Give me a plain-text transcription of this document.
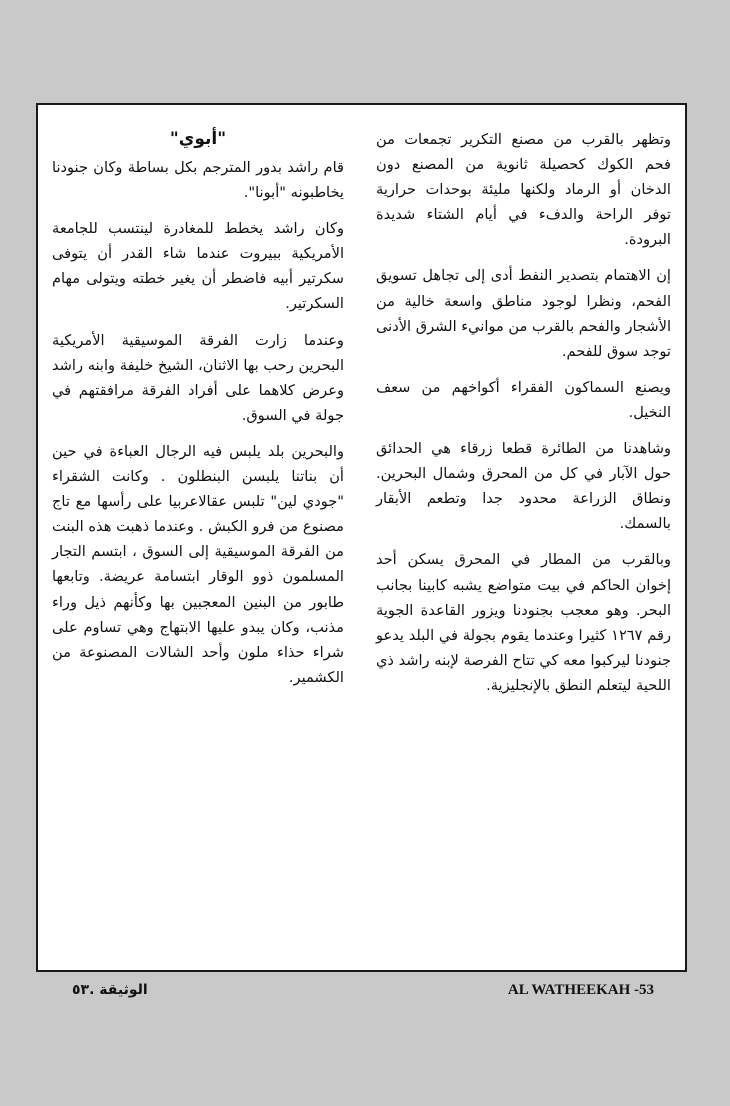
وتظهر بالقرب من مصنع التكرير تجمعات من فحم الكوك كحصيلة ثانوية من المصنع دون الدخان أو الرماد ولكنها مليئة بوحدات حرارية توفر الراحة والدفء في أيام الشتاء شديدة البرودة.

إن الاهتمام بتصدير النفط أدى إلى تجاهل تسويق الفحم، ونظرا لوجود مناطق واسعة خالية من الأشجار والفحم بالقرب من موانيء الشرق الأدنى توجد سوق للفحم.

ويصنع السماكون الفقراء أكواخهم من سعف النخيل.

وشاهدنا من الطائرة قطعا زرقاء هي الحدائق حول الآبار في كل من المحرق وشمال البحرين. ونطاق الزراعة محدود جدا وتطعم الأبقار بالسمك.

وبالقرب من المطار في المحرق يسكن أحد إخوان الحاكم في بيت متواضع يشبه كابينا بجانب البحر. وهو معجب بجنودنا ويزور القاعدة الجوية رقم ١٢٦٧ كثيرا وعندما يقوم بجولة في البلد يدعو جنودنا ليركبوا معه كي تتاح الفرصة لإبنه راشد ذي اللحية ليتعلم النطق بالإنجليزية.

"أبوي"

قام راشد بدور المترجم بكل بساطة وكان جنودنا يخاطبونه "أبونا".

وكان راشد يخطط للمغادرة لينتسب للجامعة الأمريكية ببيروت عندما شاء القدر أن يتوفى سكرتير أبيه فاضطر أن يغير خطته ويتولى مهام السكرتير.

وعندما زارت الفرقة الموسيقية الأمريكية البحرين رحب بها الاثنان، الشيخ خليفة وابنه راشد وعرض كلاهما على أفراد الفرقة مرافقتهم في جولة في السوق.

والبحرين بلد يلبس فيه الرجال العباءة في حين أن بناتنا يلبسن البنطلون . وكانت الشقراء "جودي لين" تلبس عقالاعربيا على رأسها مع تاج مصنوع من فرو الكبش . وعندما ذهبت هذه البنت من الفرقة الموسيقية إلى السوق ، ابتسم التجار المسلمون ذوو الوقار ابتسامة عريضة. وتابعها طابور من البنين المعجبين بها وكأنهم ذيل وراء مذنب، وكان يبدو عليها الابتهاج وهي تساوم على شراء حذاء ملون وأحد الشالات المصنوعة من الكشمير.

الوثيقة .٥٣	AL WATHEEKAH -53
